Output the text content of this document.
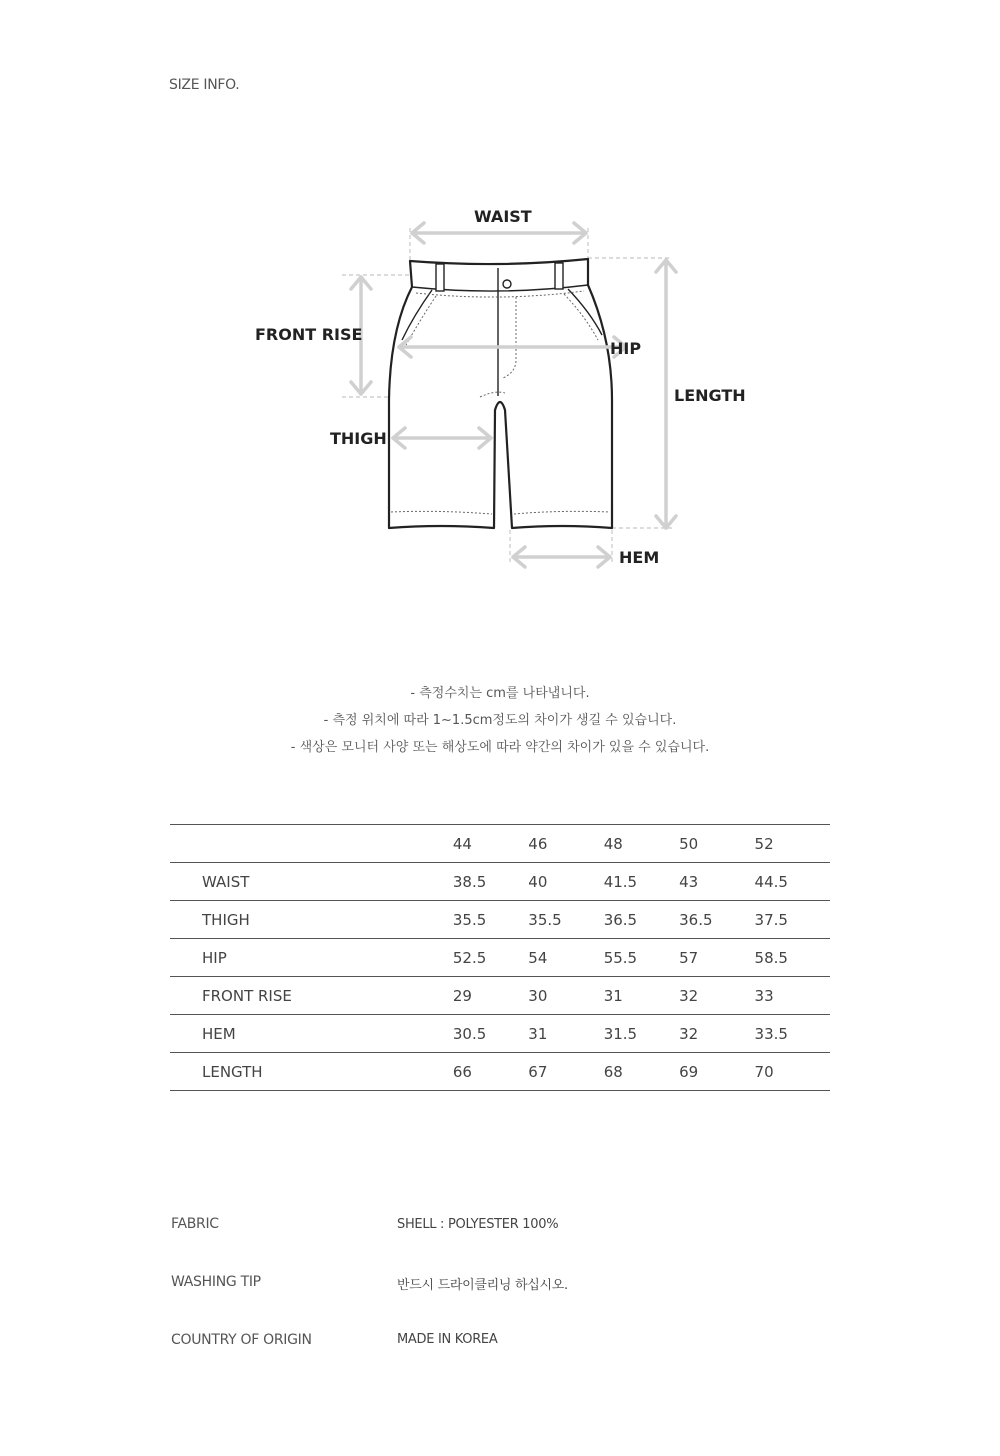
SIZE INFO.
WAIST
FRONT RISE
HIP
LENGTH
THIGH
HEM
- 측정수치는 cm를 나타냅니다.
- 측정 위치에 따라 1~1.5cm정도의 차이가 생길 수 있습니다.
- 색상은 모니터 사양 또는 해상도에 따라 약간의 차이가 있을 수 있습니다.
	44	46	48	50	52
WAIST	38.5	40	41.5	43	44.5
THIGH	35.5	35.5	36.5	36.5	37.5
HIP	52.5	54	55.5	57	58.5
FRONT RISE	29	30	31	32	33
HEM	30.5	31	31.5	32	33.5
LENGTH	66	67	68	69	70
FABRIC	SHELL : POLYESTER 100%
WASHING TIP	반드시 드라이클리닝 하십시오.
COUNTRY OF ORIGIN	MADE IN KOREA
